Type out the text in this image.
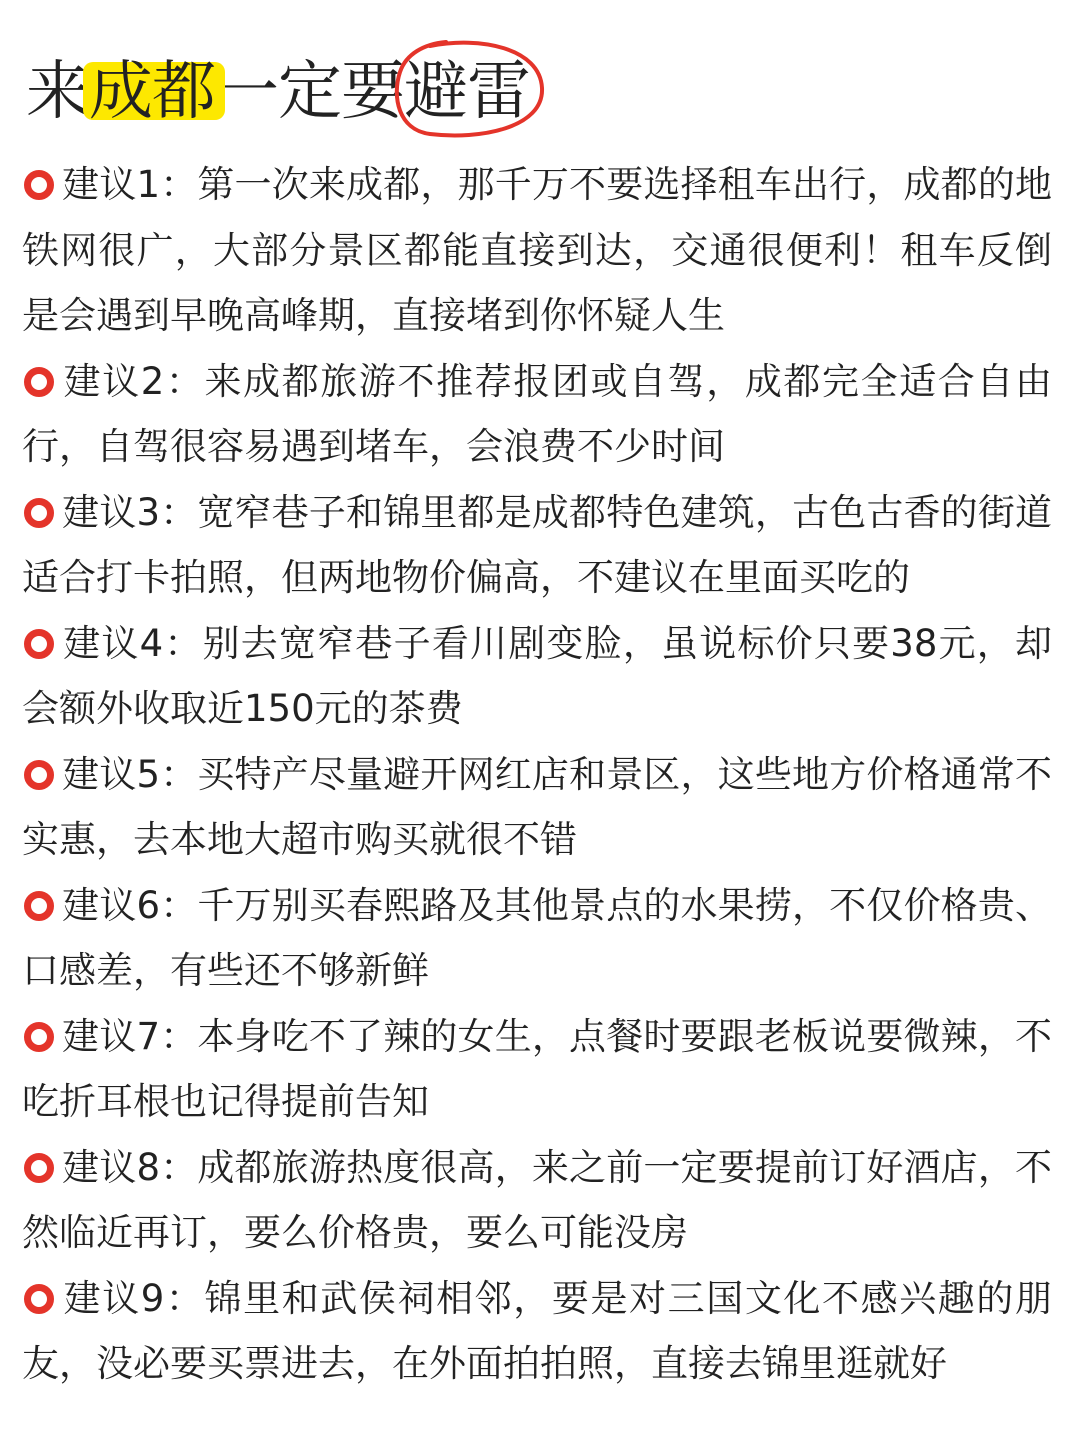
来成都一定要
避雷

建议1：第一次来成都，那千万不要选择租车出行，成都的地铁网很广，大部分景区都能直接到达，交通很便利！租车反倒是会遇到早晚高峰期，直接堵到你怀疑人生

建议2：来成都旅游不推荐报团或自驾，成都完全适合自由行，自驾很容易遇到堵车，会浪费不少时间

建议3：宽窄巷子和锦里都是成都特色建筑，古色古香的街道适合打卡拍照，但两地物价偏高，不建议在里面买吃的

建议4：别去宽窄巷子看川剧变脸，虽说标价只要38元，却会额外收取近150元的茶费

建议5：买特产尽量避开网红店和景区，这些地方价格通常不实惠，去本地大超市购买就很不错

建议6：千万别买春熙路及其他景点的水果捞，不仅价格贵、口感差，有些还不够新鲜

建议7：本身吃不了辣的女生，点餐时要跟老板说要微辣，不吃折耳根也记得提前告知

建议8：成都旅游热度很高，来之前一定要提前订好酒店，不然临近再订，要么价格贵，要么可能没房

建议9：锦里和武侯祠相邻，要是对三国文化不感兴趣的朋友，没必要买票进去，在外面拍拍照，直接去锦里逛就好
